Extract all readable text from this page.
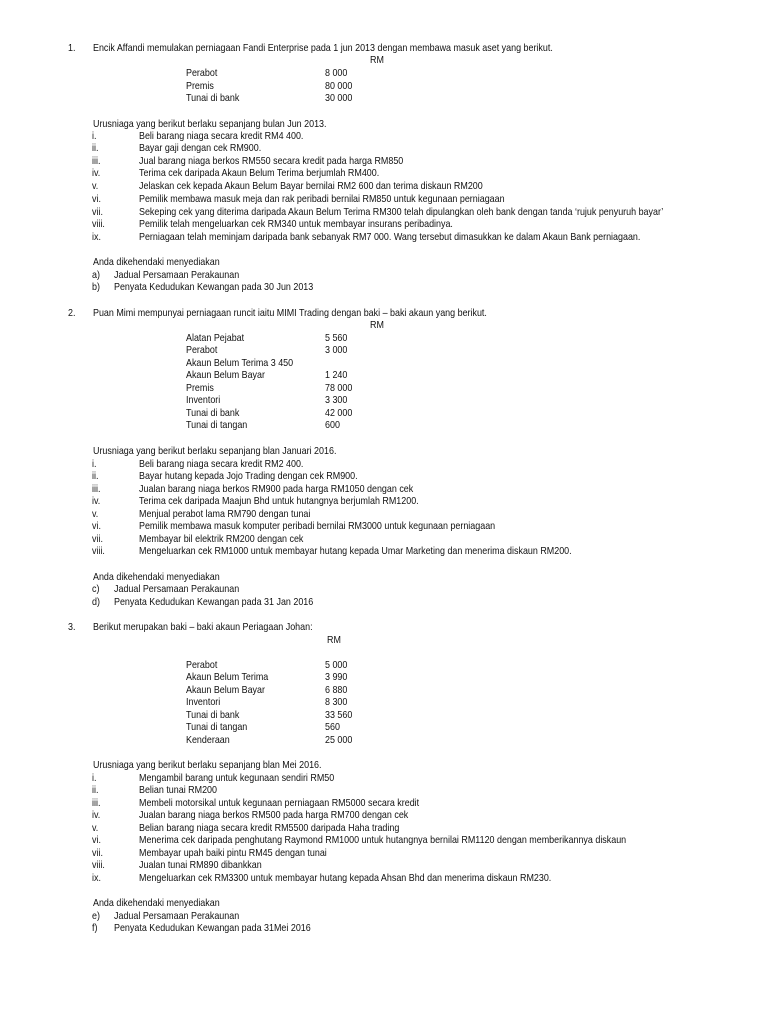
1. Encik Affandi memulakan perniagaan Fandi Enterprise pada 1 jun 2013 dengan membawa masuk aset yang berikut.
RM
Perabot	8 000
Premis	80 000
Tunai di bank	30 000
Urusniaga yang berikut berlaku sepanjang bulan Jun 2013.
i.	Beli barang niaga secara kredit RM4 400.
ii.	Bayar gaji dengan cek RM900.
iii.	Jual barang niaga berkos RM550 secara kredit pada harga RM850
iv.	Terima cek daripada Akaun Belum Terima berjumlah RM400.
v.	Jelaskan cek kepada Akaun Belum Bayar bernilai RM2 600 dan terima diskaun RM200
vi.	Pemilik membawa masuk meja dan rak peribadi bernilai RM850 untuk kegunaan perniagaan
vii.	Sekeping cek yang diterima daripada Akaun Belum Terima RM300 telah dipulangkan oleh bank dengan tanda ‘rujuk penyuruh bayar’
viii.	Pemilik telah mengeluarkan cek RM340 untuk membayar insurans peribadinya.
ix.	Perniagaan telah meminjam daripada bank sebanyak RM7 000. Wang tersebut dimasukkan ke dalam Akaun Bank perniagaan.
Anda dikehendaki menyediakan
a) Jadual Persamaan Perakaunan
b) Penyata Kedudukan Kewangan pada 30 Jun 2013
2. Puan Mimi mempunyai perniagaan runcit iaitu MIMI Trading dengan baki – baki akaun yang berikut.
RM
Alatan Pejabat	5 560
Perabot	3 000
Akaun Belum Terima 3 450
Akaun Belum Bayar	1 240
Premis	78 000
Inventori	3 300
Tunai di bank	42 000
Tunai di tangan	600
Urusniaga yang berikut berlaku sepanjang blan Januari 2016.
i.	Beli barang niaga secara kredit RM2 400.
ii.	Bayar hutang kepada Jojo Trading dengan cek RM900.
iii.	Jualan barang niaga berkos RM900 pada harga RM1050 dengan cek
iv.	Terima cek daripada Maajun Bhd untuk hutangnya berjumlah RM1200.
v.	Menjual perabot lama RM790 dengan tunai
vi.	Pemilik membawa masuk komputer peribadi bernilai RM3000 untuk kegunaan perniagaan
vii.	Membayar bil elektrik RM200 dengan cek
viii.	Mengeluarkan cek RM1000 untuk membayar hutang kepada Umar Marketing dan menerima diskaun RM200.
Anda dikehendaki menyediakan
c) Jadual Persamaan Perakaunan
d) Penyata Kedudukan Kewangan pada 31 Jan 2016
3. Berikut merupakan baki – baki akaun Periagaan Johan:
RM
Perabot	5 000
Akaun Belum Terima	3 990
Akaun Belum Bayar	6 880
Inventori	8 300
Tunai di bank	33 560
Tunai di tangan	560
Kenderaan	25 000
Urusniaga yang berikut berlaku sepanjang blan Mei 2016.
i.	Mengambil barang untuk kegunaan sendiri RM50
ii.	Belian tunai RM200
iii.	Membeli motorsikal untuk kegunaan perniagaan RM5000 secara kredit
iv.	Jualan barang niaga berkos RM500 pada harga RM700 dengan cek
v.	Belian barang niaga secara kredit RM5500 daripada Haha trading
vi.	Menerima cek daripada penghutang Raymond RM1000 untuk hutangnya bernilai RM1120 dengan memberikannya diskaun
vii.	Membayar upah baiki pintu RM45 dengan tunai
viii.	Jualan tunai RM890 dibankkan
ix.	Mengeluarkan cek RM3300 untuk membayar hutang kepada Ahsan Bhd dan menerima diskaun RM230.
Anda dikehendaki menyediakan
e) Jadual Persamaan Perakaunan
f) Penyata Kedudukan Kewangan pada 31Mei 2016
